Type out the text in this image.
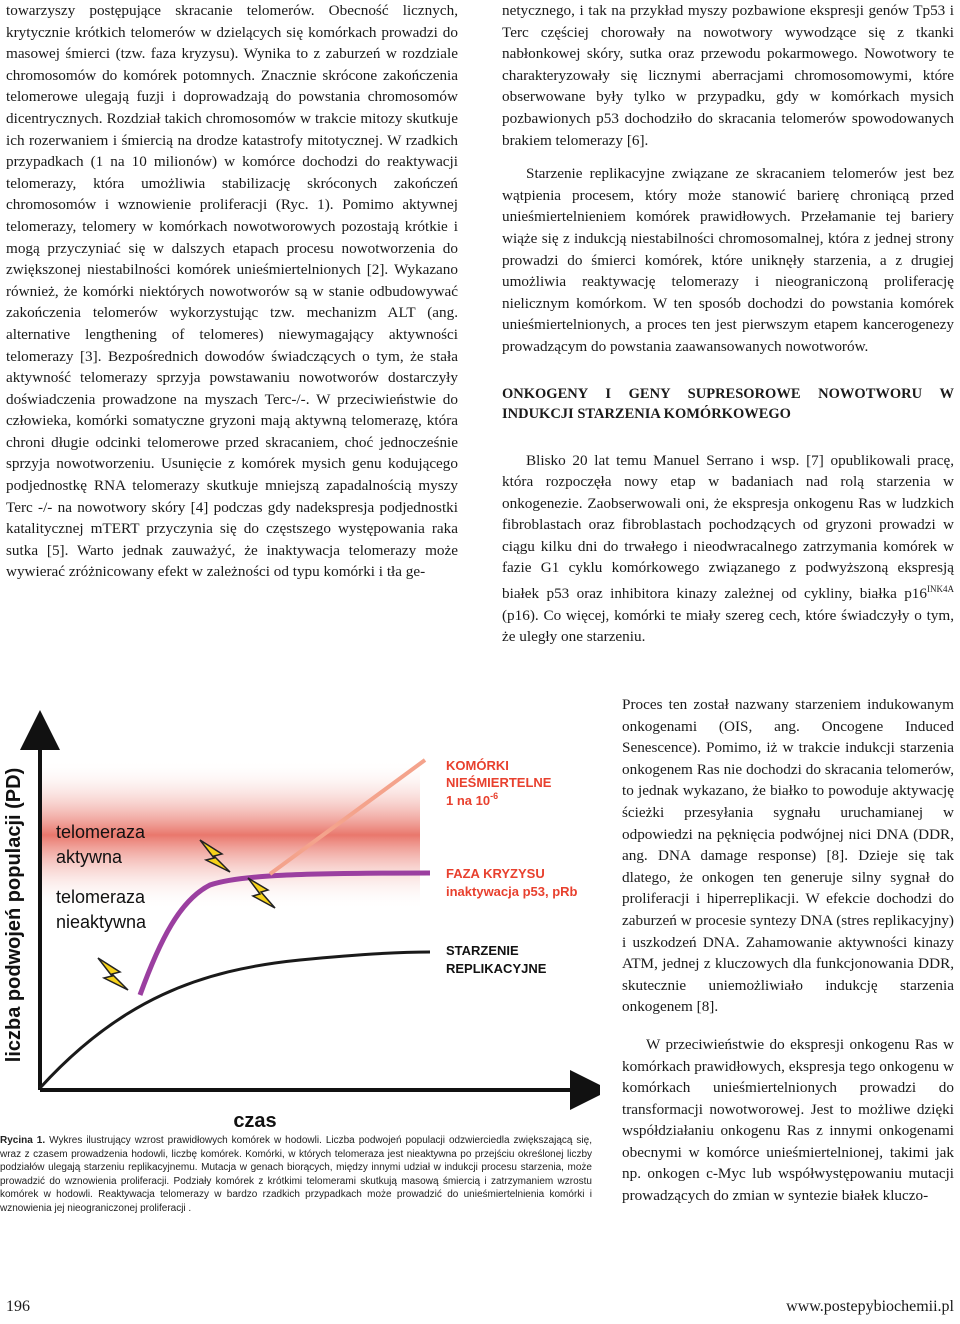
towarzyszy postępujące skracanie telomerów. Obecność licznych, krytycznie krótkich telomerów w dzielących się komórkach prowadzi do masowej śmierci (tzw. faza kryzysu). Wynika to z zaburzeń w rozdziale chromosomów do komórek potomnych. Znacznie skrócone zakończenia telomerowe ulegają fuzji i doprowadzają do powstania chromosomów dicentrycznych. Rozdział takich chromosomów w trakcie mitozy skutkuje ich rozerwaniem i śmiercią na drodze katastrofy mitotycznej. W rzadkich przypadkach (1 na 10 milionów) w komórce dochodzi do reaktywacji telomerazy, która umożliwia stabilizację skróconych zakończeń chromosomów i wznowienie proliferacji (Ryc. 1). Pomimo aktywnej telomerazy, telomery w komórkach nowotworowych pozostają krótkie i mogą przyczyniać się w dalszych etapach procesu nowotworzenia do zwiększonej niestabilności komórek unieśmiertelnionych [2]. Wykazano również, że komórki niektórych nowotworów są w stanie odbudowywać zakończenia telomerów wykorzystując tzw. mechanizm ALT (ang. alternative lengthening of telomeres) niewymagający aktywności telomerazy [3]. Bezpośrednich dowodów świadczących o tym, że stała aktywność telomerazy sprzyja powstawaniu nowotworów dostarczyły doświadczenia prowadzone na myszach Terc-/-. W przeciwieństwie do człowieka, komórki somatyczne gryzoni mają aktywną telomerazę, która chroni długie odcinki telomerowe przed skracaniem, choć jednocześnie sprzyja nowotworzeniu. Usunięcie z komórek mysich genu kodującego podjednostkę RNA telomerazy skutkuje mniejszą zapadalnością myszy Terc -/- na nowotwory skóry [4] podczas gdy nadekspresja podjednostki katalitycznej mTERT przyczynia się do częstszego występowania raka sutka [5]. Warto jednak zauważyć, że inaktywacja telomerazy może wywierać zróżnicowany efekt w zależności od typu komórki i tła ge-

netycznego, i tak na przykład myszy pozbawione ekspresji genów Tp53 i Terc częściej chorowały na nowotwory wywodzące się z tkanki nabłonkowej skóry, sutka oraz przewodu pokarmowego. Nowotwory te charakteryzowały się licznymi aberracjami chromosomowymi, które obserwowane były tylko w przypadku, gdy w komórkach mysich pozbawionych p53 dochodziło do skracania telomerów spowodowanych brakiem telomerazy [6].

Starzenie replikacyjne związane ze skracaniem telomerów jest bez wątpienia procesem, który może stanowić barierę chroniącą przed unieśmiertelnieniem komórek prawidłowych. Przełamanie tej bariery wiąże się z indukcją niestabilności chromosomalnej, która z jednej strony prowadzi do śmierci komórek, które uniknęły starzenia, a z drugiej umożliwia reaktywację telomerazy i nieograniczoną proliferację nielicznym komórkom. W ten sposób dochodzi do powstania komórek unieśmiertelnionych, a proces ten jest pierwszym etapem kancerogenezy prowadzącym do powstania zaawansowanych nowotworów.

ONKOGENY I GENY SUPRESOROWE NOWOTWORU W INDUKCJI STARZENIA KOMÓRKOWEGO

Blisko 20 lat temu Manuel Serrano i wsp. [7] opublikowali pracę, która rozpoczęła nowy etap w badaniach nad rolą starzenia w onkogenezie. Zaobserwowali oni, że ekspresja onkogenu Ras w ludzkich fibroblastach oraz fibroblastach pochodzących od gryzoni prowadzi w ciągu kilku dni do trwałego i nieodwracalnego zatrzymania komórek w fazie G1 cyklu komórkowego związanego z podwyższoną ekspresją białek p53 oraz inhibitora kinazy zależnej od cykliny, białka $p16^{INK4A}$ (p16). Co więcej, komórki te miały szereg cech, które świadczyły o tym, że uległy one starzeniu.

Proces ten został nazwany starzeniem indukowanym onkogenami (OIS, ang. Oncogene Induced Senescence). Pomimo, iż w trakcie indukcji starzenia onkogenem Ras nie dochodzi do skracania telomerów, to jednak wykazano, że białko to powoduje aktywację ścieżki przesyłania sygnału uruchamianej w odpowiedzi na pęknięcia podwójnej nici DNA (DDR, ang. DNA damage response) [8]. Dzieje się tak dlatego, że onkogen ten generuje silny sygnał do proliferacji i hiperreplikacji. W efekcie dochodzi do zaburzeń w procesie syntezy DNA (stres replikacyjny) i uszkodzeń DNA. Zahamowanie aktywności kinazy ATM, jednej z kluczowych dla funkcjonowania DDR, skutecznie uniemożliwiało indukcję starzenia onkogenem [8].

W przeciwieństwie do ekspresji onkogenu Ras w komórkach prawidłowych, ekspresja tego onkogenu w komórkach unieśmiertelnionych prowadzi do transformacji nowotworowej. Jest to możliwe dzięki współdziałaniu onkogenu Ras z innymi onkogenami obecnymi w komórce unieśmiertelnionej, takimi jak np. onkogen c-Myc lub współwystępowaniu mutacji prowadzących do zmian w syntezie białek kluczo-

liczba podwojeń populacji (PD)
czas
telomeraza
aktywna
telomeraza
nieaktywna
KOMÓRKI
NIEŚMIERTELNE
1 na $10^{-6}$
FAZA KRYZYSU
inaktywacja p53, pRb
STARZENIE
REPLIKACYJNE
Rycina 1. Wykres ilustrujący wzrost prawidłowych komórek w hodowli. Liczba podwojeń populacji odzwierciedla zwiększającą się, wraz z czasem prowadzenia hodowli, liczbę komórek. Komórki, w których telomeraza jest nieaktywna po przejściu określonej liczby podziałów ulegają starzeniu replikacyjnemu. Mutacja w genach biorących, między innymi udział w indukcji procesu starzenia, może prowadzić do wznowienia proliferacji. Podziały komórek z krótkimi telomerami skutkują masową śmiercią i zatrzymaniem wzrostu komórek w hodowli. Reaktywacja telomerazy w bardzo rzadkich przypadkach może prowadzić do unieśmiertelnienia komórki i wznowienia jej nieograniczonej proliferacji .
196	www.postepybiochemii.pl
